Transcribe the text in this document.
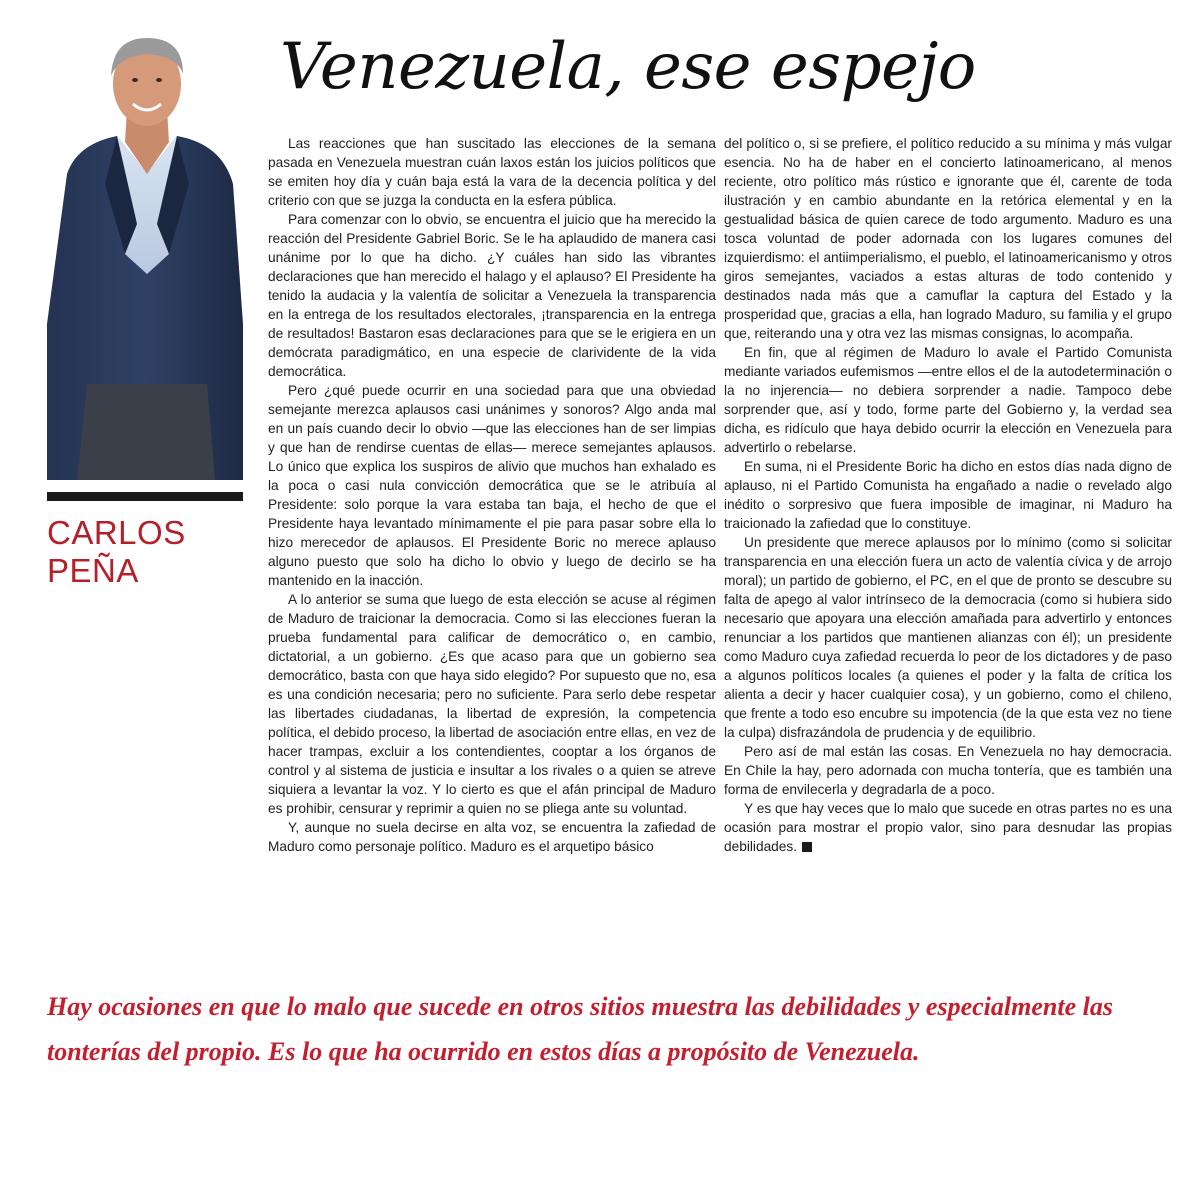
Venezuela, ese espejo
CARLOS
PEÑA

Las reacciones que han suscitado las elecciones de la semana pasada en Venezuela muestran cuán laxos están los juicios políticos que se emiten hoy día y cuán baja está la vara de la decencia política y del criterio con que se juzga la conducta en la esfera pública.

Para comenzar con lo obvio, se encuentra el juicio que ha merecido la reacción del Presidente Gabriel Boric. Se le ha aplaudido de manera casi unánime por lo que ha dicho. ¿Y cuáles han sido las vibrantes declaraciones que han merecido el halago y el aplauso? El Presidente ha tenido la audacia y la valentía de solicitar a Venezuela la transparencia en la entrega de los resultados electorales, ¡transparencia en la entrega de resultados! Bastaron esas declaraciones para que se le erigiera en un demócrata paradigmático, en una especie de clarividente de la vida democrática.

Pero ¿qué puede ocurrir en una sociedad para que una obviedad semejante merezca aplausos casi unánimes y sonoros? Algo anda mal en un país cuando decir lo obvio —que las elecciones han de ser limpias y que han de rendirse cuentas de ellas— merece semejantes aplausos. Lo único que explica los suspiros de alivio que muchos han exhalado es la poca o casi nula convicción democrática que se le atribuía al Presidente: solo porque la vara estaba tan baja, el hecho de que el Presidente haya levantado mínimamente el pie para pasar sobre ella lo hizo merecedor de aplausos. El Presidente Boric no merece aplauso alguno puesto que solo ha dicho lo obvio y luego de decirlo se ha mantenido en la inacción.

A lo anterior se suma que luego de esta elección se acuse al régimen de Maduro de traicionar la democracia. Como si las elecciones fueran la prueba fundamental para calificar de democrático o, en cambio, dictatorial, a un gobierno. ¿Es que acaso para que un gobierno sea democrático, basta con que haya sido elegido? Por supuesto que no, esa es una condición necesaria; pero no suficiente. Para serlo debe respetar las libertades ciudadanas, la libertad de expresión, la competencia política, el debido proceso, la libertad de asociación entre ellas, en vez de hacer trampas, excluir a los contendientes, cooptar a los órganos de control y al sistema de justicia e insultar a los rivales o a quien se atreve siquiera a levantar la voz. Y lo cierto es que el afán principal de Maduro es prohibir, censurar y reprimir a quien no se pliega ante su voluntad.

Y, aunque no suela decirse en alta voz, se encuentra la zafiedad de Maduro como personaje político. Maduro es el arquetipo básico

del político o, si se prefiere, el político reducido a su mínima y más vulgar esencia. No ha de haber en el concierto latinoamericano, al menos reciente, otro político más rústico e ignorante que él, carente de toda ilustración y en cambio abundante en la retórica elemental y en la gestualidad básica de quien carece de todo argumento. Maduro es una tosca voluntad de poder adornada con los lugares comunes del izquierdismo: el antiimperialismo, el pueblo, el latinoamericanismo y otros giros semejantes, vaciados a estas alturas de todo contenido y destinados nada más que a camuflar la captura del Estado y la prosperidad que, gracias a ella, han logrado Maduro, su familia y el grupo que, reiterando una y otra vez las mismas consignas, lo acompaña.

En fin, que al régimen de Maduro lo avale el Partido Comunista mediante variados eufemismos —entre ellos el de la autodeterminación o la no injerencia— no debiera sorprender a nadie. Tampoco debe sorprender que, así y todo, forme parte del Gobierno y, la verdad sea dicha, es ridículo que haya debido ocurrir la elección en Venezuela para advertirlo o rebelarse.

En suma, ni el Presidente Boric ha dicho en estos días nada digno de aplauso, ni el Partido Comunista ha engañado a nadie o revelado algo inédito o sorpresivo que fuera imposible de imaginar, ni Maduro ha traicionado la zafiedad que lo constituye.

Un presidente que merece aplausos por lo mínimo (como si solicitar transparencia en una elección fuera un acto de valentía cívica y de arrojo moral); un partido de gobierno, el PC, en el que de pronto se descubre su falta de apego al valor intrínseco de la democracia (como si hubiera sido necesario que apoyara una elección amañada para advertirlo y entonces renunciar a los partidos que mantienen alianzas con él); un presidente como Maduro cuya zafiedad recuerda lo peor de los dictadores y de paso a algunos políticos locales (a quienes el poder y la falta de crítica los alienta a decir y hacer cualquier cosa), y un gobierno, como el chileno, que frente a todo eso encubre su impotencia (de la que esta vez no tiene la culpa) disfrazándola de prudencia y de equilibrio.

Pero así de mal están las cosas. En Venezuela no hay democracia. En Chile la hay, pero adornada con mucha tontería, que es también una forma de envilecerla y degradarla de a poco.

Y es que hay veces que lo malo que sucede en otras partes no es una ocasión para mostrar el propio valor, sino para desnudar las propias debilidades.

Hay ocasiones en que lo malo que sucede en otros sitios muestra las debilidades y especialmente las tonterías del propio. Es lo que ha ocurrido en estos días a propósito de Venezuela.
